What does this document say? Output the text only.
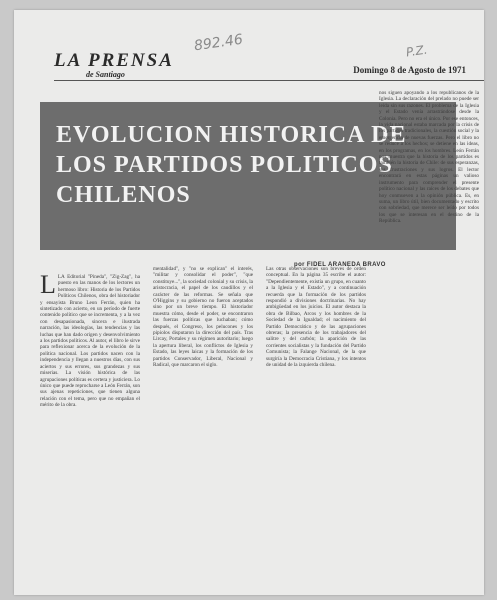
LA PRENSA
de Santiago
892.46	P.Z.
Domingo 8 de Agosto de 1971
EVOLUCION HISTORICA DE LOS PARTIDOS POLITICOS CHILENOS
por FIDEL ARANEDA BRAVO
L LA Editorial "Pineda", "Zig-Zag", ha puesto en las manos de los lectores un hermoso libro: Historia de los Partidos Políticos Chilenos, obra del historiador y ensayista Bruno Leon Ferrán, quien ha sintetizado con acierto, en un período de fuerte contenido político que se incrementa, y a la vez con desapasionada, sincera e ilustrada narración, las ideologías, las tendencias y las luchas que han dado origen y desenvolvimiento a los partidos políticos. Al autor, el libro le sirve para reflexionar acerca de la evolución de la política nacional. Los partidos nacen con la independencia y llegan a nuestros días, con sus aciertos y sus errores, sus grandezas y sus miserias. La visión histórica de las agrupaciones políticas es certera y justiciera. Lo único que puede reprocharse a León Ferrán, son sus ajenas repeticiones, que tienen alguna relación con el tema, pero que no empañan el mérito de la obra.
mentalidad", y "no se explican" el interés, "militar y consolidar el poder", "que constituye...", la sociedad colonial y su crisis, la aristocracia, el papel de los caudillos y el carácter de las reformas. Se señala que O'Higgins y su gobierno no fueron aceptados sino por un breve tiempo. El historiador muestra cómo, desde el poder, se encontraron las fuerzas políticas que luchaban; cómo después, el Congreso, los pelucones y los pipiolos disputaron la dirección del país. Tras Lircay, Portales y su régimen autoritario; luego la apertura liberal, los conflictos de Iglesia y Estado, las leyes laicas y la formación de los partidos Conservador, Liberal, Nacional y Radical, que marcaron el siglo.
Las otras observaciones son breves de orden conceptual. En la página 35 escribe el autor: "Dependientemente, existía un grupo, en cuanto a la Iglesia y el Estado", y a continuación recuerda que la formación de los partidos respondió a divisiones doctrinarias. No hay ambigüedad en los juicios. El autor destaca la obra de Bilbao, Arcos y los hombres de la Sociedad de la Igualdad; el nacimiento del Partido Democrático y de las agrupaciones obreras; la presencia de los trabajadores del salitre y del carbón; la aparición de las corrientes socialistas y la fundación del Partido Comunista; la Falange Nacional, de la que surgiría la Democracia Cristiana, y los intentos de unidad de la izquierda chilena.
nos siguen apoyando a los republicanos de la Iglesia. La declaración del prelado no puede ser leída sin sus razones. El problema de la Iglesia y el Estado venía arrastrándose desde la Colonia. Pero no era el único. Por ese entonces, la vida nacional estaba marcada por la crisis de los partidos tradicionales, la cuestión social y la emergencia de nuevas fuerzas. Pero el libro no se reduce a los hechos; se detiene en las ideas, en los programas, en los hombres. León Ferrán nos muestra que la historia de los partidos es también la historia de Chile: de sus esperanzas, sus frustraciones y sus logros. El lector encontrará en estas páginas un valioso instrumento para comprender el presente político nacional y las raíces de los debates que hoy conmueven a la opinión pública. Es, en suma, un libro útil, bien documentado y escrito con sobriedad, que merece ser leído por todos los que se interesan en el destino de la República.
